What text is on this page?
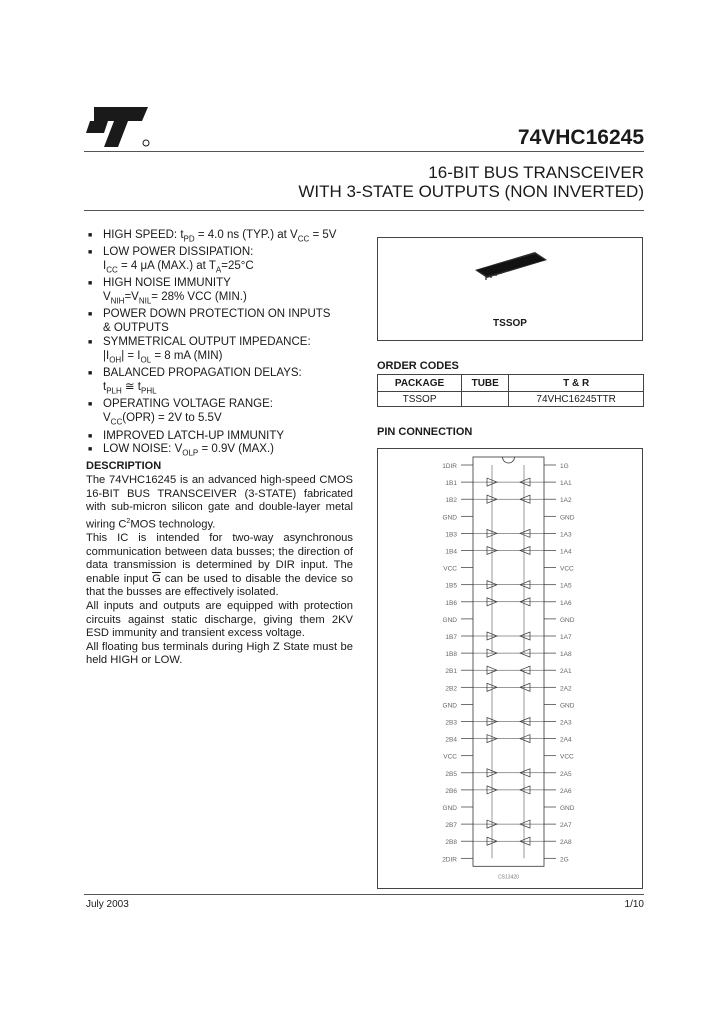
74VHC16245
16-BIT BUS TRANSCEIVER
WITH 3-STATE OUTPUTS (NON INVERTED)
■ HIGH SPEED: $t_{PD} = 4.0$ ns (TYP.) at $V_{CC} = 5V$
■ LOW POWER DISSIPATION:
$I_{CC} = 4$ μA (MAX.) at $T_A=25^\circ C$
■ HIGH NOISE IMMUNITY
$V_{NIH}=V_{NIL}= 28\%$ VCC (MIN.)
■ POWER DOWN PROTECTION ON INPUTS
& OUTPUTS
■ SYMMETRICAL OUTPUT IMPEDANCE:
$|I_{OH}| = I_{OL} = 8$ mA (MIN)
■ BALANCED PROPAGATION DELAYS:
$t_{PLH}$ ≅ $t_{PHL}$
■ OPERATING VOLTAGE RANGE:
$V_{CC}(OPR) = 2V$ to 5.5V
■ IMPROVED LATCH-UP IMMUNITY
■ LOW NOISE: $V_{OLP} = 0.9V$ (MAX.)
DESCRIPTION

The 74VHC16245 is an advanced high-speed CMOS 16-BIT BUS TRANSCEIVER (3-STATE) fabricated with sub-micron silicon gate and double-layer metal wiring $C^2MOS$ technology.

This IC is intended for two-way asynchronous communication between data busses; the direction of data transmission is determined by DIR input. The enable input $\overline{G}$ can be used to disable the device so that the busses are effectively isolated.

All inputs and outputs are equipped with protection circuits against static discharge, giving them 2KV ESD immunity and transient excess voltage.

All floating bus terminals during High Z State must be held HIGH or LOW.

TSSOP
ORDER CODES
PACKAGE	TUBE	T & R
TSSOP		74VHC16245TTR
PIN CONNECTION
1DIR	1G
1B1	1A1
1B2	1A2
GND	GND
1B3	1A3
1B4	1A4
VCC	VCC
1B5	1A5
1B6	1A6
GND	GND
1B7	1A7
1B8	1A8
2B1	2A1
2B2	2A2
GND	GND
2B3	2A3
2B4	2A4
VCC	VCC
2B5	2A5
2B6	2A6
GND	GND
2B7	2A7
2B8	2A8
2DIR	2G
CS13420
July 2003	1/10
